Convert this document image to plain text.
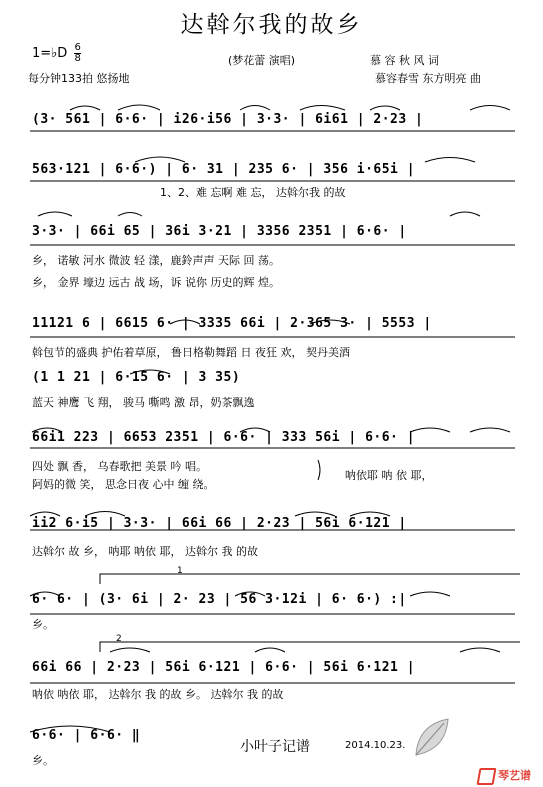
达斡尔我的故乡
1=♭D $\frac{6}{8}$	(梦花蕾 演唱)	慕 容 秋 风 词
每分钟133拍 悠扬地	慕容春雪 东方明亮 曲
(3· 561 | 6·6· | i26·i56 | 3·3· | 6i61 | 2·23 |
563·121 | 6·6·) | 6· 31 | 235 6· | 356 i·65i |
1、2、难 忘啊 难 忘， 达斡尔我 的故
3·3· | 66i 65 | 36i 3·21 | 3356 2351 | 6·6· |
乡， 诺敏 河水 微波 轻 漾，鹿鈴声声 天际 回 荡。
乡， 金界 壕边 远古 战 场，诉 说你 历史的辉 煌。
11121 6 | 6615 6· | 3335 66i | 2·365 3· | 5553 |
斡包节的盛典 护佑着草原， 鲁日格勒舞蹈 日 夜狂 欢， 契丹美酒
(1 1 21 | 6·15 6· | 3 35)
蓝天 神鹰 飞 翔， 骏马 嘶鸣 激 昂，奶茶飘逸
66i1 223 | 6653 2351 | 6·6· | 333 56i | 6·6· |
四处 飘 香， 乌春歌把 美景 吟 唱。
阿妈的微 笑， 思念日夜 心中 缠 绕。
呐依耶 呐 依 耶，
ii2 6·i5 | 3·3· | 66i 66 | 2·23 | 56i 6·121 |
达斡尔 故 乡， 呐耶 呐依 耶， 达斡尔 我 的故
1
6· 6· | (3· 6i | 2· 23 | 56 3·12i | 6· 6·) :|
乡。
2
66i 66 | 2·23 | 56i 6·121 | 6·6· | 56i 6·121 |
呐依 呐依 耶， 达斡尔 我 的故 乡。 达斡尔 我 的故
6·6· | 6·6· ‖
乡。
小叶子记谱	2014.10.23.
琴艺谱
